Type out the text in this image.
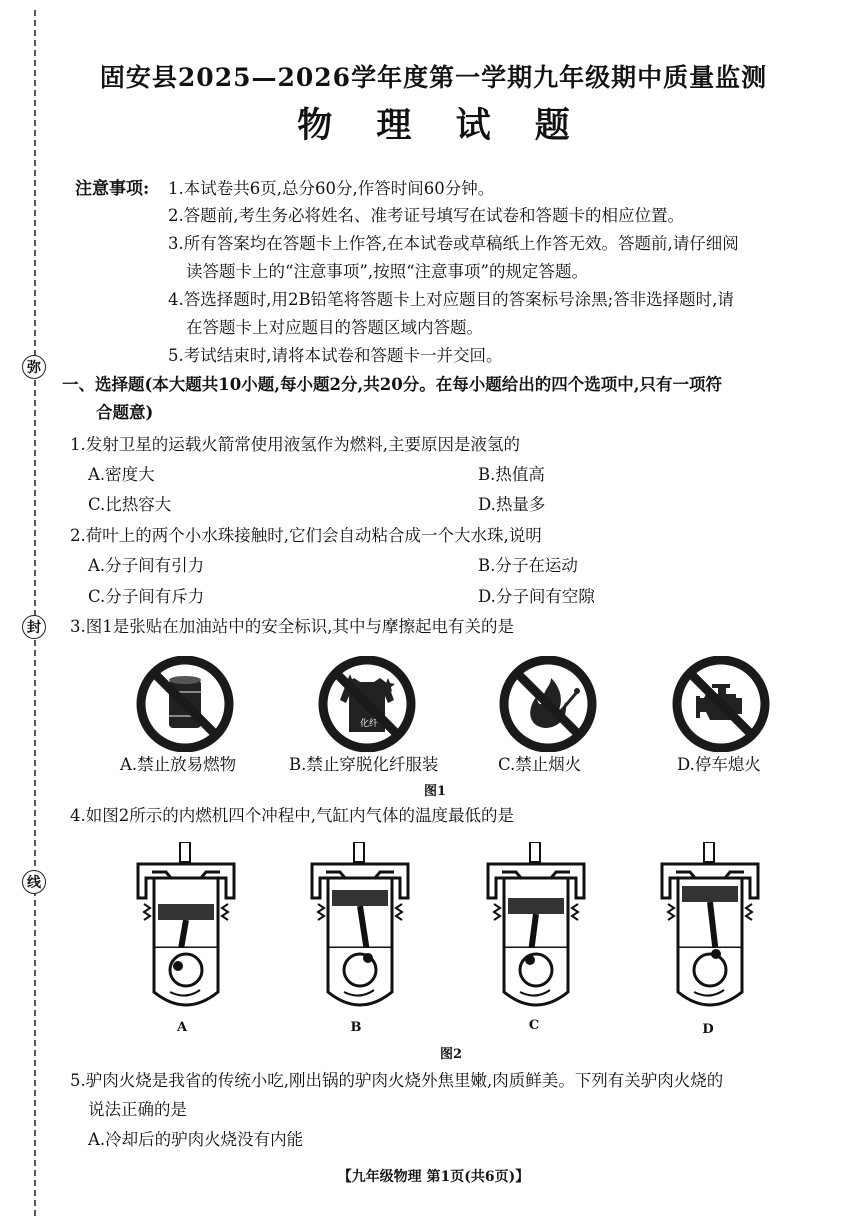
弥
封
线
固安县2025—2026学年度第一学期九年级期中质量监测
物 理 试 题
注意事项: 1.本试卷共6页,总分60分,作答时间60分钟。
2.答题前,考生务必将姓名、准考证号填写在试卷和答题卡的相应位置。
3.所有答案均在答题卡上作答,在本试卷或草稿纸上作答无效。答题前,请仔细阅
读答题卡上的“注意事项”,按照“注意事项”的规定答题。
4.答选择题时,用2B铅笔将答题卡上对应题目的答案标号涂黑;答非选择题时,请
在答题卡上对应题目的答题区域内答题。
5.考试结束时,请将本试卷和答题卡一并交回。
一、选择题(本大题共10小题,每小题2分,共20分。在每小题给出的四个选项中,只有一项符
合题意)
1.发射卫星的运载火箭常使用液氢作为燃料,主要原因是液氢的
A.密度大	B.热值高
C.比热容大	D.热量多
2.荷叶上的两个小水珠接触时,它们会自动粘合成一个大水珠,说明
A.分子间有引力	B.分子在运动
C.分子间有斥力	D.分子间有空隙
3.图1是张贴在加油站中的安全标识,其中与摩擦起电有关的是
A.禁止放易燃物
化纤
B.禁止穿脱化纤服装	C.禁止烟火	D.停车熄火
图1
4.如图2所示的内燃机四个冲程中,气缸内气体的温度最低的是
A	B	C	D
图2
5.驴肉火烧是我省的传统小吃,刚出锅的驴肉火烧外焦里嫩,肉质鲜美。下列有关驴肉火烧的
说法正确的是
A.冷却后的驴肉火烧没有内能
【九年级物理 第1页(共6页)】
